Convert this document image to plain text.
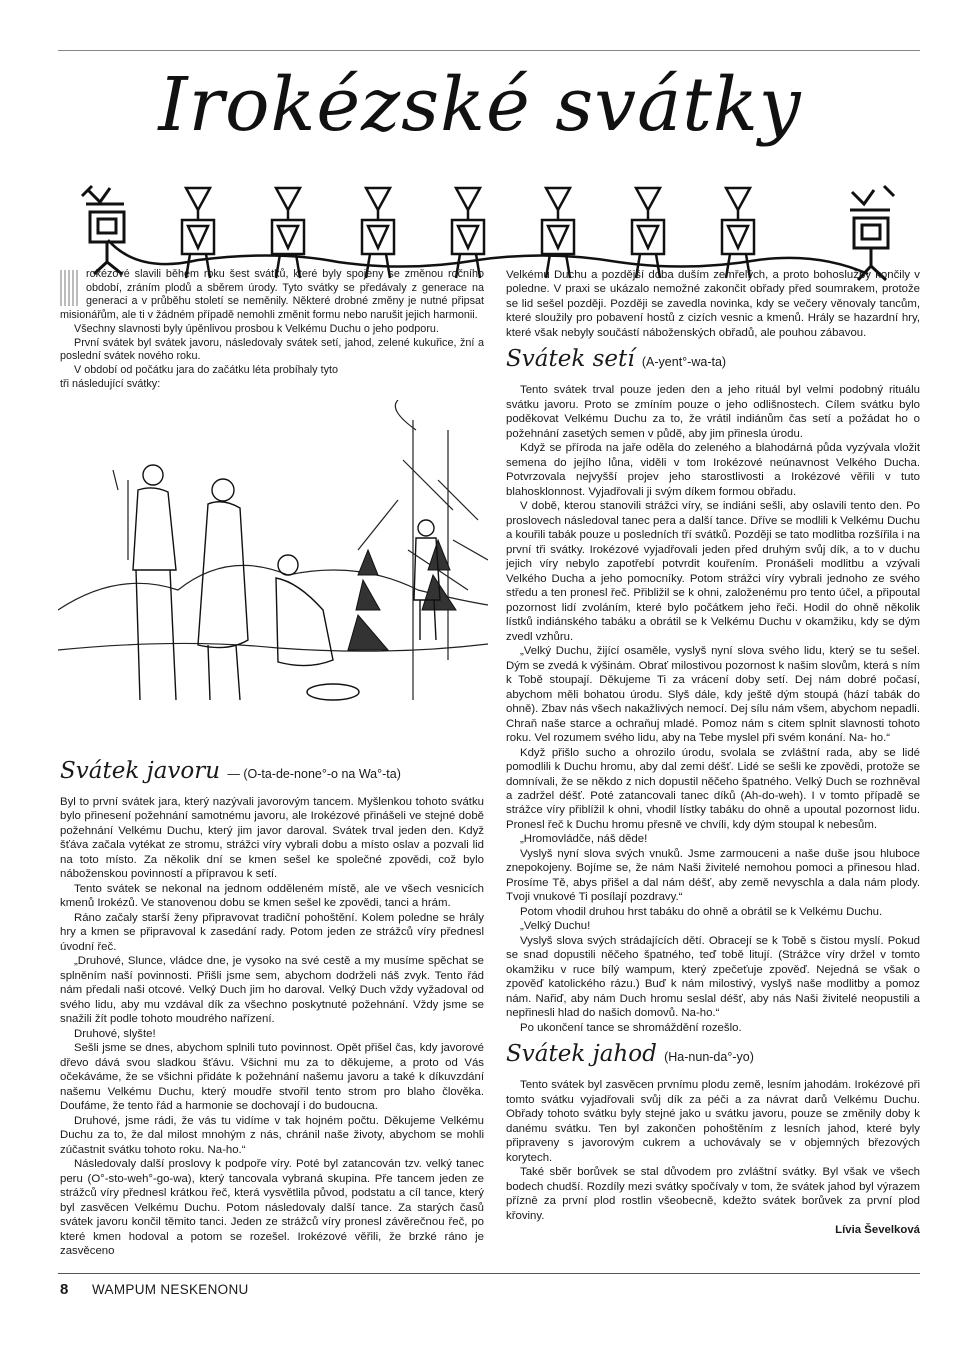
Irokézské svátky

rokézové slavili během roku šest svátků, které byly spojeny se změnou ročního období, zráním plodů a sběrem úrody. Tyto svátky se předávaly z generace na generaci a v průběhu století se neměnily. Některé drobné změny je nutné připsat misionářům, ale ti v žádném případě nemohli změnit formu nebo narušit jejich harmonii.

Všechny slavnosti byly úpěnlivou prosbou k Velkému Duchu o jeho podporu.

První svátek byl svátek javoru, následovaly svátek setí, jahod, zelené kukuřice, žní a poslední svátek nového roku.

V období od počátku jara do začátku léta probíhaly tyto tři následující svátky:

Svátek javoru — (O-ta-de-none°-o na Wa°-ta)

Byl to první svátek jara, který nazývali javorovým tancem. Myšlenkou tohoto svátku bylo přinesení požehnání samotnému javoru, ale Irokézové přinášeli ve stejné době požehnání Velkému Duchu, který jim javor daroval. Svátek trval jeden den. Když šťáva začala vytékat ze stromu, strážci víry vybrali dobu a místo oslav a pozvali lid na toto místo. Za několik dní se kmen sešel ke společné zpovědi, což bylo náboženskou povinností a přípravou k setí.

Tento svátek se nekonal na jednom odděleném místě, ale ve všech vesnicích kmenů Irokézů. Ve stanovenou dobu se kmen sešel ke zpovědi, tanci a hrám.

Ráno začaly starší ženy připravovat tradiční pohoštění. Kolem poledne se hrály hry a kmen se připravoval k zasedání rady. Potom jeden ze strážců víry přednesl úvodní řeč.

„Druhové, Slunce, vládce dne, je vysoko na své cestě a my musíme spěchat se splněním naší povinnosti. Přišli jsme sem, abychom dodrželi náš zvyk. Tento řád nám předali naši otcové. Velký Duch jim ho daroval. Velký Duch vždy vyžadoval od svého lidu, aby mu vzdával dík za všechno poskytnuté požehnání. Vždy jsme se snažili žít podle tohoto moudrého nařízení.

Druhové, slyšte!

Sešli jsme se dnes, abychom splnili tuto povinnost. Opět přišel čas, kdy javorové dřevo dává svou sladkou šťávu. Všichni mu za to děkujeme, a proto od Vás očekáváme, že se všichni přidáte k požehnání našemu javoru a také k díkuvzdání našemu Velkému Duchu, který moudře stvořil tento strom pro blaho člověka. Doufáme, že tento řád a harmonie se dochovají i do budoucna.

Druhové, jsme rádi, že vás tu vidíme v tak hojném počtu. Děkujeme Velkému Duchu za to, že dal milost mnohým z nás, chránil naše životy, abychom se mohli zúčastnit svátku tohoto roku. Na-ho.“

Následovaly další proslovy k podpoře víry. Poté byl zatancován tzv. velký tanec peru (O°-sto-weh°-go-wa), který tancovala vybraná skupina. Pře tancem jeden ze strážců víry přednesl krátkou řeč, která vysvětlila původ, podstatu a cíl tance, který byl zasvěcen Velkému Duchu. Potom následovaly další tance. Za starých časů svátek javoru končil těmito tanci. Jeden ze strážců víry pronesl závěrečnou řeč, po které kmen hodoval a potom se rozešel. Irokézové věřili, že brzké ráno je zasvěceno

Velkému Duchu a pozdější doba duším zemřelých, a proto bohoslužby končily v poledne. V praxi se ukázalo nemožné zakončit obřady před soumrakem, protože se lid sešel později. Později se zavedla novinka, kdy se večery věnovaly tancům, které sloužily pro pobavení hostů z cizích vesnic a kmenů. Hrály se hazardní hry, které však nebyly součástí náboženských obřadů, ale pouhou zábavou.

Svátek setí (A-yent°-wa-ta)

Tento svátek trval pouze jeden den a jeho rituál byl velmi podobný rituálu svátku javoru. Proto se zmíním pouze o jeho odlišnostech. Cílem svátku bylo poděkovat Velkému Duchu za to, že vrátil indiánům čas setí a požádat ho o požehnání zasetých semen v půdě, aby jim přinesla úrodu.

Když se příroda na jaře oděla do zeleného a blahodárná půda vyzývala vložit semena do jejího lůna, viděli v tom Irokézové neúnavnost Velkého Ducha. Potvrzovala nejvyšší projev jeho starostlivosti a Irokézové věřili v tuto blahosklonnost. Vyjadřovali ji svým díkem formou obřadu.

V době, kterou stanovili strážci víry, se indiáni sešli, aby oslavili tento den. Po proslovech následoval tanec pera a další tance. Dříve se modlili k Velkému Duchu a kouřili tabák pouze u posledních tří svátků. Později se tato modlitba rozšířila i na první tři svátky. Irokézové vyjadřovali jeden před druhým svůj dík, a to v duchu jejich víry nebylo zapotřebí potvrdit kouřením. Pronášeli modlitbu a vzývali Velkého Ducha a jeho pomocníky. Potom strážci víry vybrali jednoho ze svého středu a ten pronesl řeč. Přibližil se k ohni, založenému pro tento účel, a připoutal pozornost lidí zvoláním, které bylo počátkem jeho řeči. Hodil do ohně několik lístků indiánského tabáku a obrátil se k Velkému Duchu v okamžiku, kdy se dým zvedl vzhůru.

„Velký Duchu, žijící osaměle, vyslyš nyní slova svého lidu, který se tu sešel. Dým se zvedá k výšinám. Obrať milostivou pozornost k našim slovům, která s ním k Tobě stoupají. Děkujeme Ti za vrácení doby setí. Dej nám dobré počasí, abychom měli bohatou úrodu. Slyš dále, kdy ještě dým stoupá (hází tabák do ohně). Zbav nás všech nakažlivých nemocí. Dej sílu nám všem, abychom nepadli. Chraň naše starce a ochraňuj mladé. Pomoz nám s citem splnit slavnosti tohoto roku. Vel rozumem svého lidu, aby na Tebe myslel při svém konání. Na- ho.“

Když přišlo sucho a ohrozilo úrodu, svolala se zvláštní rada, aby se lidé pomodlili k Duchu hromu, aby dal zemi déšť. Lidé se sešli ke zpovědi, protože se domnívali, že se někdo z nich dopustil něčeho špatného. Velký Duch se rozhněval a zadržel déšť. Poté zatancovali tanec díků (Ah-do-weh). I v tomto případě se strážce víry přiblížil k ohni, vhodil lístky tabáku do ohně a upoutal pozornost lidu. Pronesl řeč k Duchu hromu přesně ve chvíli, kdy dým stoupal k nebesům.

„Hromovládče, náš děde!

Vyslyš nyní slova svých vnuků. Jsme zarmouceni a naše duše jsou hluboce znepokojeny. Bojíme se, že nám Naši živitelé nemohou pomoci a přinesou hlad. Prosíme Tě, abys přišel a dal nám déšť, aby země nevyschla a dala nám plody. Tvoji vnukové Ti posílají pozdravy.“

Potom vhodil druhou hrst tabáku do ohně a obrátil se k Velkému Duchu.

„Velký Duchu!

Vyslyš slova svých strádajících dětí. Obracejí se k Tobě s čistou myslí. Pokud se snad dopustili něčeho špatného, teď tobě litují. (Strážce víry držel v tomto okamžiku v ruce bílý wampum, který zpečeťuje zpověď. Nejedná se však o zpověď katolického rázu.) Buď k nám milostivý, vyslyš naše modlitby a pomoz nám. Nařiď, aby nám Duch hromu seslal déšť, aby nás Naši živitelé neopustili a nepřinesli hlad do našich domovů. Na-ho.“

Po ukončení tance se shromáždění rozešlo.

Svátek jahod (Ha-nun-da°-yo)

Tento svátek byl zasvěcen prvnímu plodu země, lesním jahodám. Irokézové při tomto svátku vyjadřovali svůj dík za péči a za návrat darů Velkému Duchu. Obřady tohoto svátku byly stejné jako u svátku javoru, pouze se změnily doby k danému svátku. Ten byl zakončen pohoštěním z lesních jahod, které byly připraveny s javorovým cukrem a uchovávaly se v objemných březových korytech.

Také sběr borůvek se stal důvodem pro zvláštní svátky. Byl však ve všech bodech chudší. Rozdíly mezi svátky spočívaly v tom, že svátek jahod byl výrazem příznē za první plod rostlin všeobecně, kdežto svátek borůvek za první plod křoviny.

Lívia Ševelková

8 WAMPUM NESKENONU
